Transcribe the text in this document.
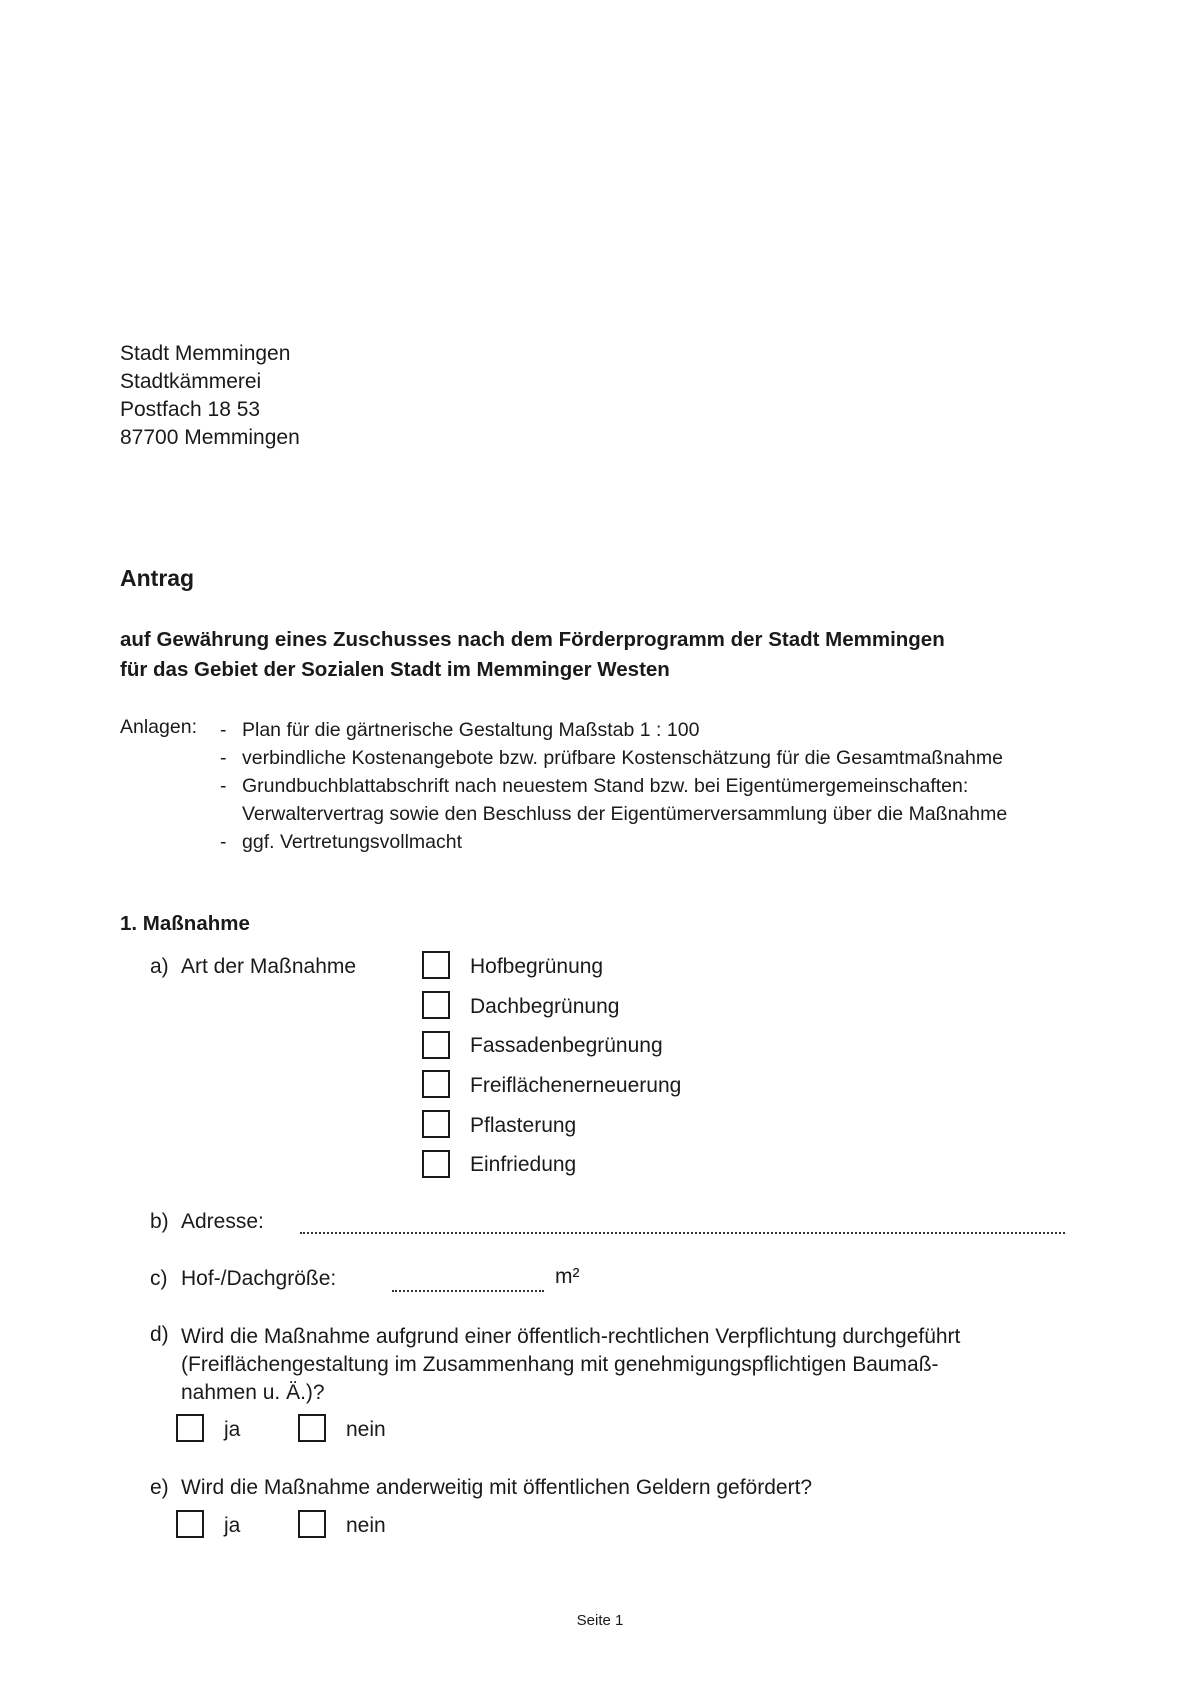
Stadt Memmingen
Stadtkämmerei
Postfach 18 53
87700 Memmingen
Antrag
auf Gewährung eines Zuschusses nach dem Förderprogramm der Stadt Memmingen
für das Gebiet der Sozialen Stadt im Memminger Westen
Anlagen: - Plan für die gärtnerische Gestaltung Maßstab 1 : 100
- verbindliche Kostenangebote bzw. prüfbare Kostenschätzung für die Gesamtmaßnahme
- Grundbuchblattabschrift nach neuestem Stand bzw. bei Eigentümergemeinschaften:
Verwaltervertrag sowie den Beschluss der Eigentümerversammlung über die Maßnahme
- ggf. Vertretungsvollmacht
1. Maßnahme
a) Art der Maßnahme	Hofbegrünung
Dachbegrünung
Fassadenbegrünung
Freiflächenerneuerung
Pflasterung
Einfriedung
b) Adresse:
c) Hof-/Dachgröße:	m²
d) Wird die Maßnahme aufgrund einer öffentlich-rechtlichen Verpflichtung durchgeführt
(Freiflächengestaltung im Zusammenhang mit genehmigungspflichtigen Baumaß-
nahmen u. Ä.)?
ja	nein
e) Wird die Maßnahme anderweitig mit öffentlichen Geldern gefördert?
ja	nein
Seite 1
